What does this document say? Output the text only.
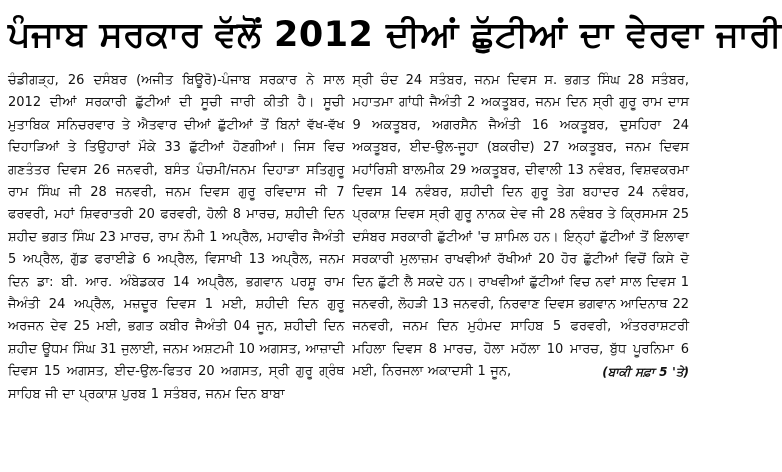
ਪੰਜਾਬ ਸਰਕਾਰ ਵੱਲੋਂ 2012 ਦੀਆਂ ਛੁੱਟੀਆਂ ਦਾ ਵੇਰਵਾ ਜਾਰੀ

ਚੰਡੀਗੜ੍ਹ, 26 ਦਸੰਬਰ (ਅਜੀਤ ਬਿਊਰੋ)-ਪੰਜਾਬ ਸਰਕਾਰ ਨੇ ਸਾਲ 2012 ਦੀਆਂ ਸਰਕਾਰੀ ਛੁੱਟੀਆਂ ਦੀ ਸੂਚੀ ਜਾਰੀ ਕੀਤੀ ਹੈ। ਸੂਚੀ ਮੁਤਾਬਿਕ ਸਨਿਚਰਵਾਰ ਤੇ ਐਤਵਾਰ ਦੀਆਂ ਛੁੱਟੀਆਂ ਤੋਂ ਬਿਨਾਂ ਵੱਖ-ਵੱਖ ਦਿਹਾੜਿਆਂ ਤੇ ਤਿਉਹਾਰਾਂ ਮੌਕੇ 33 ਛੁੱਟੀਆਂ ਹੋਣਗੀਆਂ। ਜਿਸ ਵਿਚ ਗਣਤੰਤਰ ਦਿਵਸ 26 ਜਨਵਰੀ, ਬਸੰਤ ਪੰਚਮੀ/ਜਨਮ ਦਿਹਾੜਾ ਸਤਿਗੁਰੂ ਰਾਮ ਸਿੰਘ ਜੀ 28 ਜਨਵਰੀ, ਜਨਮ ਦਿਵਸ ਗੁਰੂ ਰਵਿਦਾਸ ਜੀ 7 ਫਰਵਰੀ, ਮਹਾਂ ਸ਼ਿਵਰਾਤਰੀ 20 ਫਰਵਰੀ, ਹੋਲੀ 8 ਮਾਰਚ, ਸ਼ਹੀਦੀ ਦਿਨ ਸ਼ਹੀਦ ਭਗਤ ਸਿੰਘ 23 ਮਾਰਚ, ਰਾਮ ਨੌਮੀ 1 ਅਪ੍ਰੈਲ, ਮਹਾਵੀਰ ਜੈਅੰਤੀ 5 ਅਪ੍ਰੈਲ, ਗੁੱਡ ਫਰਾਈਡੇ 6 ਅਪ੍ਰੈਲ, ਵਿਸਾਖੀ 13 ਅਪ੍ਰੈਲ, ਜਨਮ ਦਿਨ ਡਾ: ਬੀ. ਆਰ. ਅੰਬੇਡਕਰ 14 ਅਪ੍ਰੈਲ, ਭਗਵਾਨ ਪਰਸ਼ੂ ਰਾਮ ਜੈਅੰਤੀ 24 ਅਪ੍ਰੈਲ, ਮਜ਼ਦੂਰ ਦਿਵਸ 1 ਮਈ, ਸ਼ਹੀਦੀ ਦਿਨ ਗੁਰੂ ਅਰਜਨ ਦੇਵ 25 ਮਈ, ਭਗਤ ਕਬੀਰ ਜੈਅੰਤੀ 04 ਜੂਨ, ਸ਼ਹੀਦੀ ਦਿਨ ਸ਼ਹੀਦ ਊਧਮ ਸਿੰਘ 31 ਜੁਲਾਈ, ਜਨਮ ਅਸ਼ਟਮੀ 10 ਅਗਸਤ, ਆਜ਼ਾਦੀ ਦਿਵਸ 15 ਅਗਸਤ, ਈਦ-ਉਲ-ਫਿਤਰ 20 ਅਗਸਤ, ਸ੍ਰੀ ਗੁਰੂ ਗ੍ਰੰਥ ਸਾਹਿਬ ਜੀ ਦਾ ਪ੍ਰਕਾਸ਼ ਪੁਰਬ 1 ਸਤੰਬਰ, ਜਨਮ ਦਿਨ ਬਾਬਾ

ਸ੍ਰੀ ਚੰਦ 24 ਸਤੰਬਰ, ਜਨਮ ਦਿਵਸ ਸ. ਭਗਤ ਸਿੰਘ 28 ਸਤੰਬਰ, ਮਹਾਤਮਾ ਗਾਂਧੀ ਜੈਅੰਤੀ 2 ਅਕਤੂਬਰ, ਜਨਮ ਦਿਨ ਸ੍ਰੀ ਗੁਰੂ ਰਾਮ ਦਾਸ 9 ਅਕਤੂਬਰ, ਅਗਰਸੈਨ ਜੈਅੰਤੀ 16 ਅਕਤੂਬਰ, ਦੁਸਹਿਰਾ 24 ਅਕਤੂਬਰ, ਈਦ-ਉਲ-ਜੂਹਾ (ਬਕਰੀਦ) 27 ਅਕਤੂਬਰ, ਜਨਮ ਦਿਵਸ ਮਹਾਂਰਿਸ਼ੀ ਬਾਲਮੀਕ 29 ਅਕਤੂਬਰ, ਦੀਵਾਲੀ 13 ਨਵੰਬਰ, ਵਿਸ਼ਵਕਰਮਾ ਦਿਵਸ 14 ਨਵੰਬਰ, ਸ਼ਹੀਦੀ ਦਿਨ ਗੁਰੂ ਤੇਗ ਬਹਾਦਰ 24 ਨਵੰਬਰ, ਪ੍ਰਕਾਸ਼ ਦਿਵਸ ਸ੍ਰੀ ਗੁਰੂ ਨਾਨਕ ਦੇਵ ਜੀ 28 ਨਵੰਬਰ ਤੇ ਕ੍ਰਿਸਮਸ 25 ਦਸੰਬਰ ਸਰਕਾਰੀ ਛੁੱਟੀਆਂ 'ਚ ਸ਼ਾਮਿਲ ਹਨ। ਇਨ੍ਹਾਂ ਛੁੱਟੀਆਂ ਤੋਂ ਇਲਾਵਾ ਸਰਕਾਰੀ ਮੁਲਾਜ਼ਮ ਰਾਖਵੀਆਂ ਰੱਖੀਆਂ 20 ਹੋਰ ਛੁੱਟੀਆਂ ਵਿਚੋਂ ਕਿਸੇ ਦੋ ਦਿਨ ਛੁੱਟੀ ਲੈ ਸਕਦੇ ਹਨ। ਰਾਖਵੀਆਂ ਛੁੱਟੀਆਂ ਵਿਚ ਨਵਾਂ ਸਾਲ ਦਿਵਸ 1 ਜਨਵਰੀ, ਲੋਹੜੀ 13 ਜਨਵਰੀ, ਨਿਰਵਾਣ ਦਿਵਸ ਭਗਵਾਨ ਆਦਿਨਾਥ 22 ਜਨਵਰੀ, ਜਨਮ ਦਿਨ ਮੁਹੰਮਦ ਸਾਹਿਬ 5 ਫਰਵਰੀ, ਅੰਤਰਰਾਸ਼ਟਰੀ ਮਹਿਲਾ ਦਿਵਸ 8 ਮਾਰਚ, ਹੋਲਾ ਮਹੱਲਾ 10 ਮਾਰਚ, ਬੁੱਧ ਪੂਰਨਿਮਾ 6 ਮਈ, ਨਿਰਜਲਾ ਅਕਾਦਸੀ 1 ਜੂਨ,	(ਬਾਕੀ ਸਫ਼ਾ 5 'ਤੇ)
